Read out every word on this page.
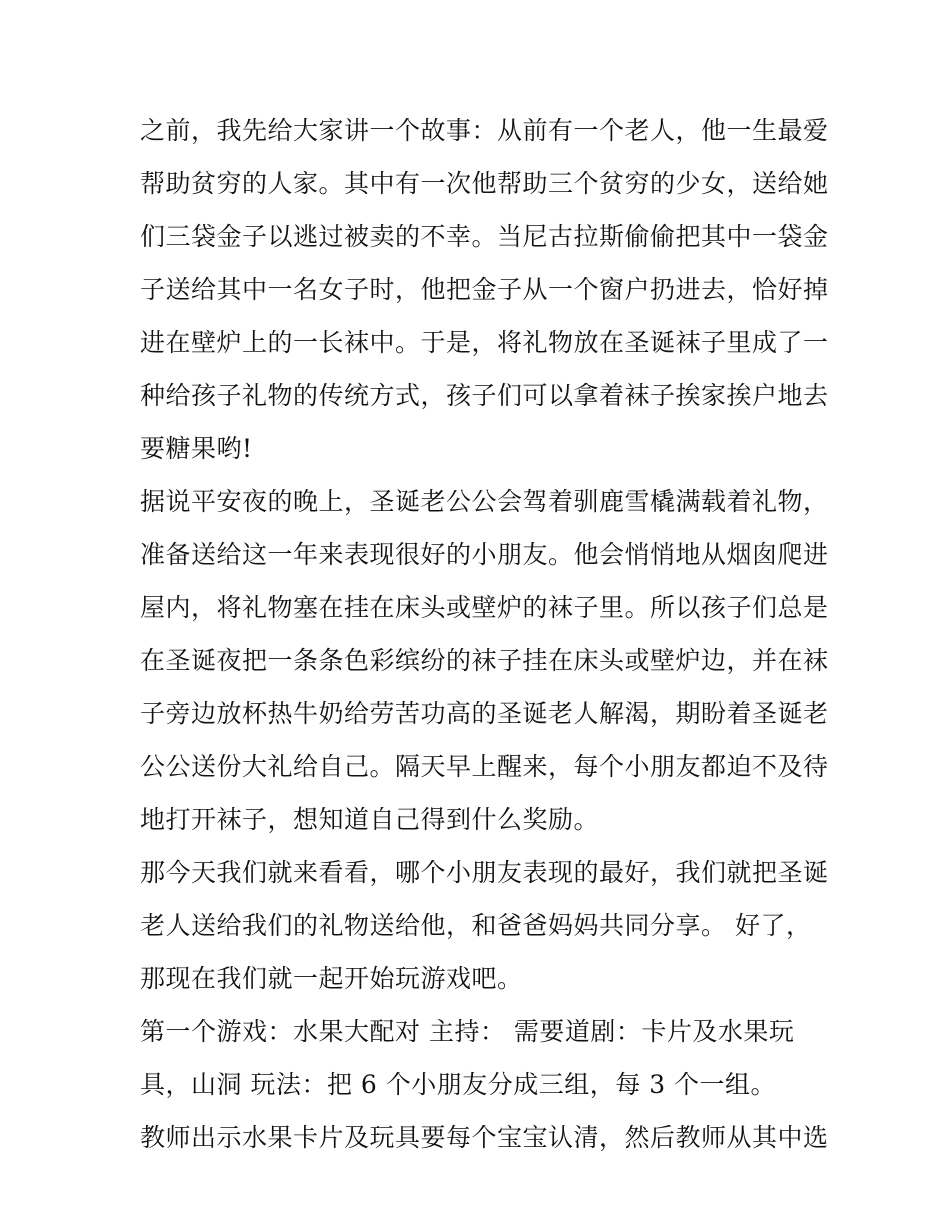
之前，我先给大家讲一个故事：从前有一个老人，他一生最爱
帮助贫穷的人家。其中有一次他帮助三个贫穷的少女，送给她
们三袋金子以逃过被卖的不幸。当尼古拉斯偷偷把其中一袋金
子送给其中一名女子时，他把金子从一个窗户扔进去，恰好掉
进在壁炉上的一长袜中。于是，将礼物放在圣诞袜子里成了一
种给孩子礼物的传统方式，孩子们可以拿着袜子挨家挨户地去
要糖果哟!
据说平安夜的晚上，圣诞老公公会驾着驯鹿雪橇满载着礼物，
准备送给这一年来表现很好的小朋友。他会悄悄地从烟囱爬进
屋内，将礼物塞在挂在床头或壁炉的袜子里。所以孩子们总是
在圣诞夜把一条条色彩缤纷的袜子挂在床头或壁炉边，并在袜
子旁边放杯热牛奶给劳苦功高的圣诞老人解渴，期盼着圣诞老
公公送份大礼给自己。隔天早上醒来，每个小朋友都迫不及待
地打开袜子，想知道自己得到什么奖励。
那今天我们就来看看，哪个小朋友表现的最好，我们就把圣诞
老人送给我们的礼物送给他，和爸爸妈妈共同分享。 好了，
那现在我们就一起开始玩游戏吧。
第一个游戏：水果大配对 主持： 需要道剧：卡片及水果玩
具，山洞 玩法：把 6 个小朋友分成三组，每 3 个一组。
教师出示水果卡片及玩具要每个宝宝认清，然后教师从其中选
